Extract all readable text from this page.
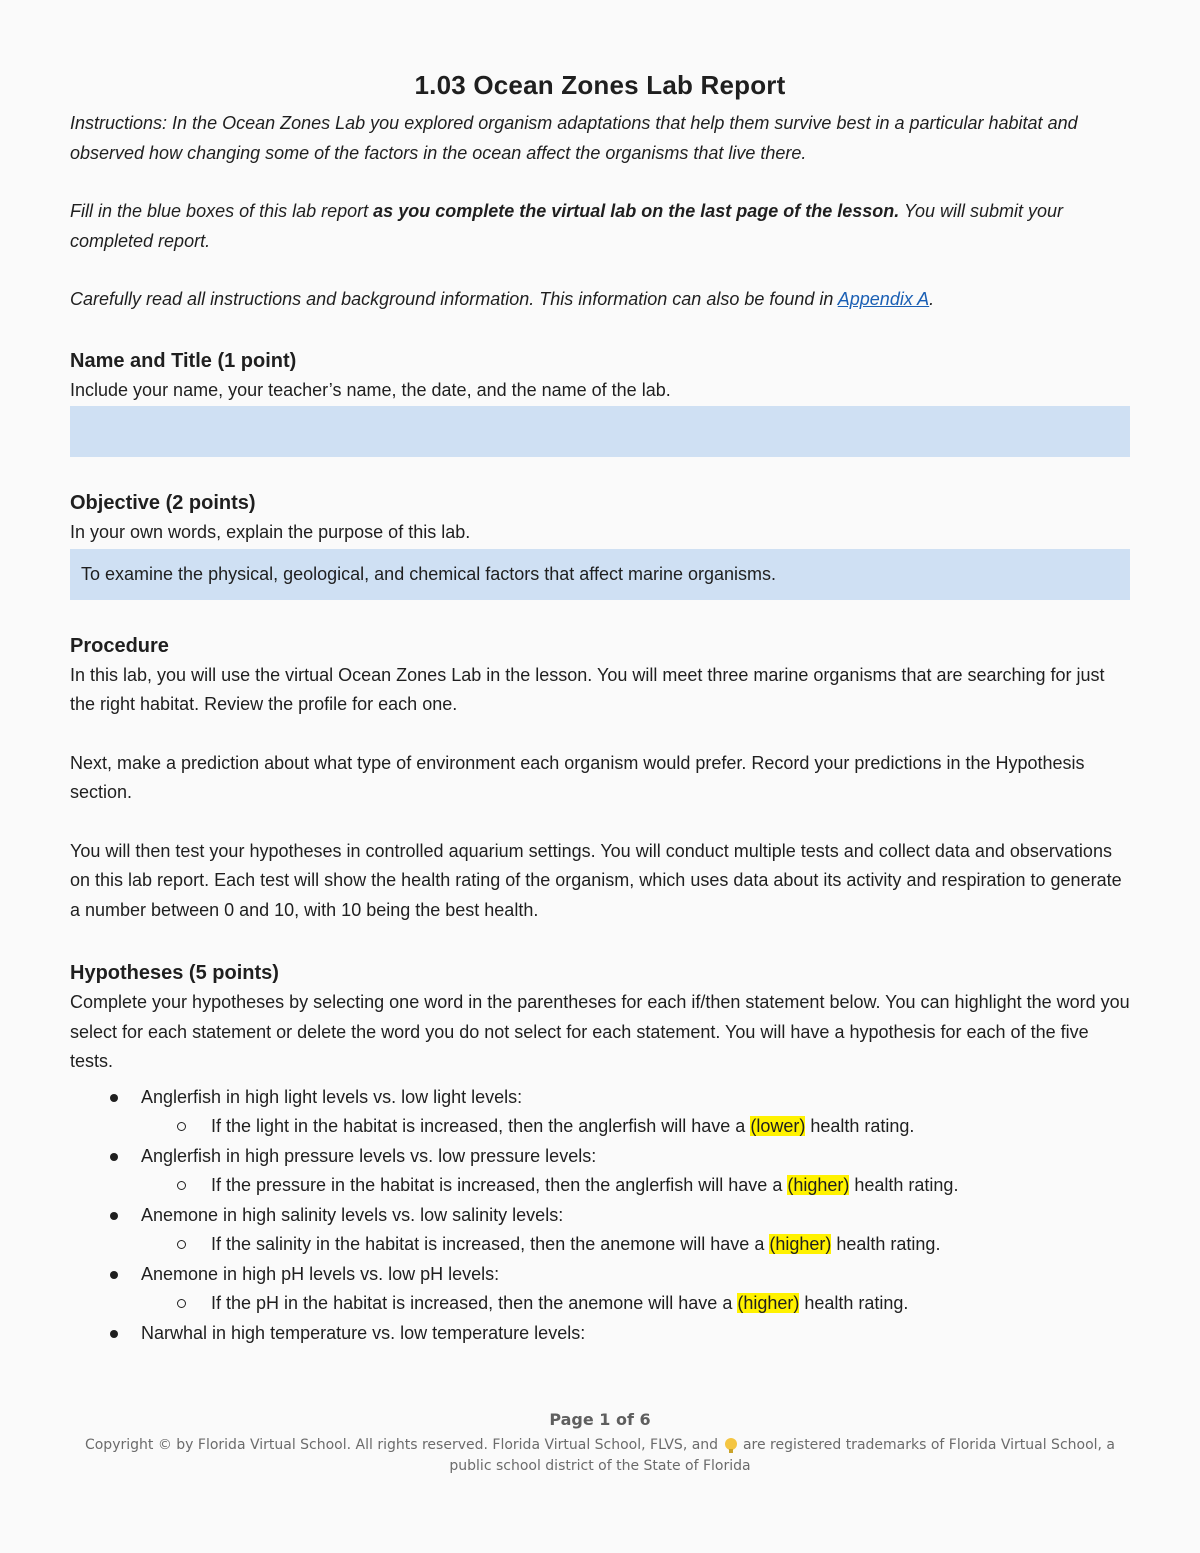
1.03 Ocean Zones Lab Report

Instructions: In the Ocean Zones Lab you explored organism adaptations that help them survive best in a particular habitat and observed how changing some of the factors in the ocean affect the organisms that live there.

Fill in the blue boxes of this lab report as you complete the virtual lab on the last page of the lesson. You will submit your completed report.

Carefully read all instructions and background information. This information can also be found in Appendix A.

Name and Title (1 point)

Include your name, your teacher’s name, the date, and the name of the lab.

Objective (2 points)

In your own words, explain the purpose of this lab.

To examine the physical, geological, and chemical factors that affect marine organisms.

Procedure

In this lab, you will use the virtual Ocean Zones Lab in the lesson. You will meet three marine organisms that are searching for just the right habitat. Review the profile for each one.

Next, make a prediction about what type of environment each organism would prefer. Record your predictions in the Hypothesis section.

You will then test your hypotheses in controlled aquarium settings. You will conduct multiple tests and collect data and observations on this lab report. Each test will show the health rating of the organism, which uses data about its activity and respiration to generate a number between 0 and 10, with 10 being the best health.

Hypotheses (5 points)

Complete your hypotheses by selecting one word in the parentheses for each if/then statement below. You can highlight the word you select for each statement or delete the word you do not select for each statement. You will have a hypothesis for each of the five tests.

Anglerfish in high light levels vs. low light levels:
If the light in the habitat is increased, then the anglerfish will have a (lower) health rating.
Anglerfish in high pressure levels vs. low pressure levels:
If the pressure in the habitat is increased, then the anglerfish will have a (higher) health rating.
Anemone in high salinity levels vs. low salinity levels:
If the salinity in the habitat is increased, then the anemone will have a (higher) health rating.
Anemone in high pH levels vs. low pH levels:
If the pH in the habitat is increased, then the anemone will have a (higher) health rating.
Narwhal in high temperature vs. low temperature levels:
Page 1 of 6
Copyright © by Florida Virtual School. All rights reserved. Florida Virtual School, FLVS, and are registered trademarks of Florida Virtual School, a public school district of the State of Florida
